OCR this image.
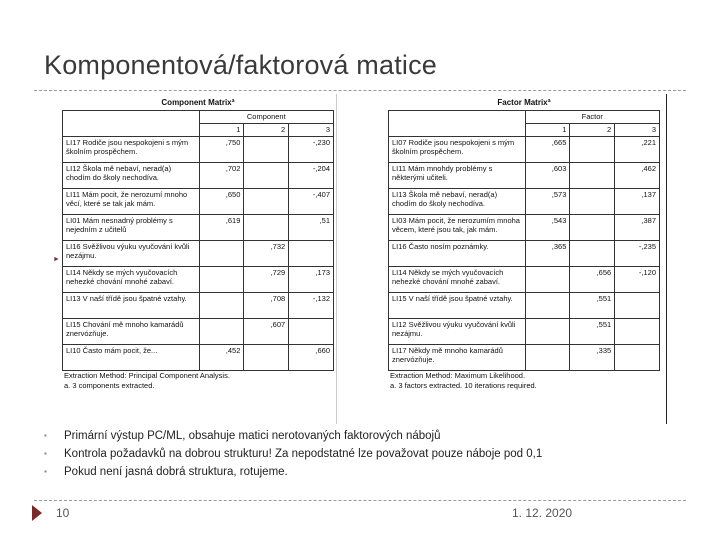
Komponentová/faktorová matice
Component Matrixª
	Component		
	1	2	3
LI17 Rodiče jsou nespokojeni s mým školním prospěchem.	,750		-,230
LI12 Škola mě nebaví, nerad(a) chodím do školy nechodíva.	,702		-,204
LI11 Mám pocit, že nerozumí mnoho věcí, které se tak jak mám.	,650		-,407
LI01 Mám nesnadný problémy s nejedním z učitelů	,619		,51
LI16 Svěžlivou výuku vyučování kvůli nezájmu.		,732	
LI14 Někdy se mých vyučovacích nehezké chování mnohé zabaví.		,729	,173
LI13 V naší třídě jsou špatné vztahy.		,708	-,132
LI15 Chování mě mnoho kamarádů znervózňuje.		,607	
LI10 Často mám pocit, že...	,452		,660
Extraction Method: Principal Component Analysis.
a. 3 components extracted.
Factor Matrixª
	Factor		
	1	2	3
LI07 Rodiče jsou nespokojeni s mým školním prospěchem.	,665		,221
LI11 Mám mnohdy problémy s některými učiteli.	,603		,462
LI13 Škola mě nebaví, nerad(a) chodím do školy nechodíva.	,573		,137
LI03 Mám pocit, že nerozumím mnoha věcem, které jsou tak, jak mám.	,543		,387
LI16 Často nosím poznámky.	,365		-,235
LI14 Někdy se mých vyučovacích nehezké chování mnohé zabaví.		,656	-,120
LI15 V naší třídě jsou špatné vztahy.		,551	
LI12 Svěžlivou výuku vyučování kvůli nezájmu.		,551	
LI17 Někdy mě mnoho kamarádů znervózňuje.		,335	
Extraction Method: Maximum Likelihood.
a. 3 factors extracted. 10 iterations required.
►
▪	Primární výstup PC/ML, obsahuje matici nerotovaných faktorových nábojů
▪	Kontrola požadavků na dobrou strukturu! Za nepodstatné lze považovat pouze náboje pod 0,1
▪	Pokud není jasná dobrá struktura, rotujeme.
10	1. 12. 2020
